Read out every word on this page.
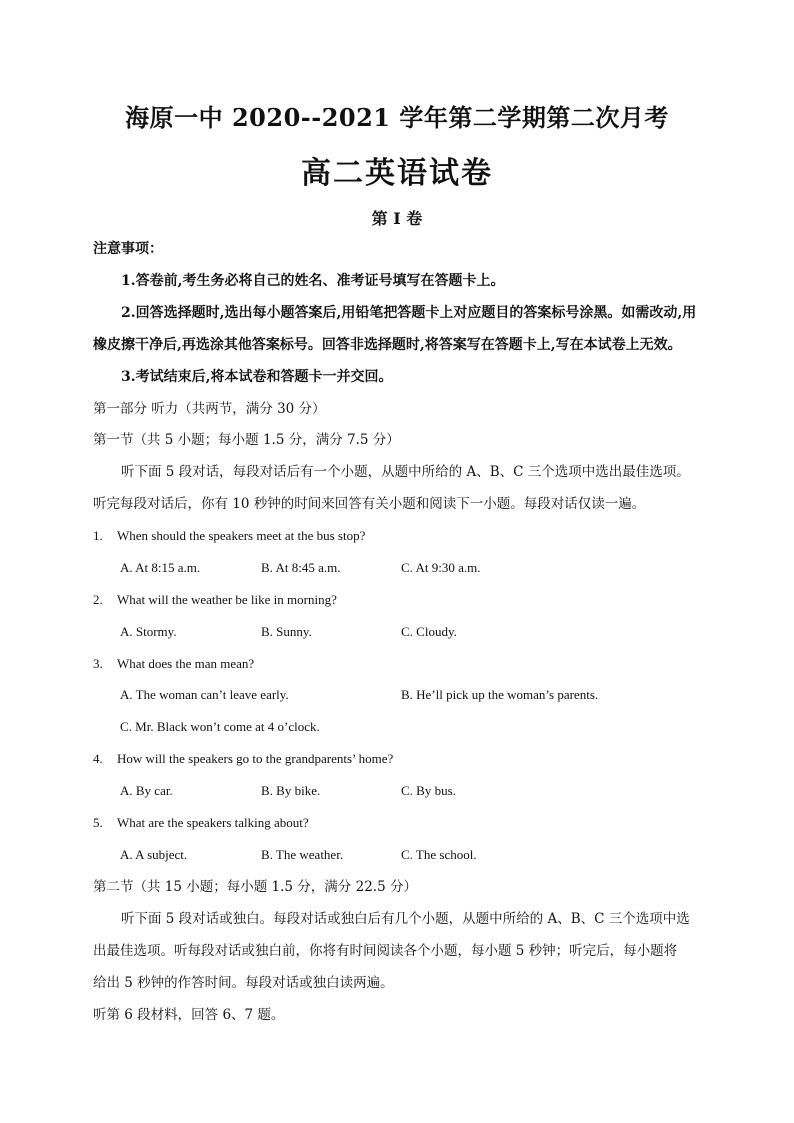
海原一中 2020--2021 学年第二学期第二次月考
高二英语试卷
第 I 卷
注意事项：
1.答卷前,考生务必将自己的姓名、准考证号填写在答题卡上。
2.回答选择题时,选出每小题答案后,用铅笔把答题卡上对应题目的答案标号涂黑。如需改动,用
橡皮擦干净后,再选涂其他答案标号。回答非选择题时,将答案写在答题卡上,写在本试卷上无效。
3.考试结束后,将本试卷和答题卡一并交回。
第一部分 听力（共两节，满分 30 分）
第一节（共 5 小题；每小题 1.5 分，满分 7.5 分）
听下面 5 段对话，每段对话后有一个小题，从题中所给的 A、B、C 三个选项中选出最佳选项。
听完每段对话后，你有 10 秒钟的时间来回答有关小题和阅读下一小题。每段对话仅读一遍。
1. When should the speakers meet at the bus stop?
A. At 8:15 a.m.	B. At 8:45 a.m.	C. At 9:30 a.m.
2. What will the weather be like in morning?
A. Stormy.	B. Sunny.	C. Cloudy.
3. What does the man mean?
A. The woman can’t leave early.	B. He’ll pick up the woman’s parents.
C. Mr. Black won’t come at 4 o’clock.
4. How will the speakers go to the grandparents’ home?
A. By car.	B. By bike.	C. By bus.
5. What are the speakers talking about?
A. A subject.	B. The weather.	C. The school.
第二节（共 15 小题；每小题 1.5 分，满分 22.5 分）
听下面 5 段对话或独白。每段对话或独白后有几个小题，从题中所给的 A、B、C 三个选项中选
出最佳选项。听每段对话或独白前，你将有时间阅读各个小题，每小题 5 秒钟；听完后，每小题将
给出 5 秒钟的作答时间。每段对话或独白读两遍。
听第 6 段材料，回答 6、7 题。
